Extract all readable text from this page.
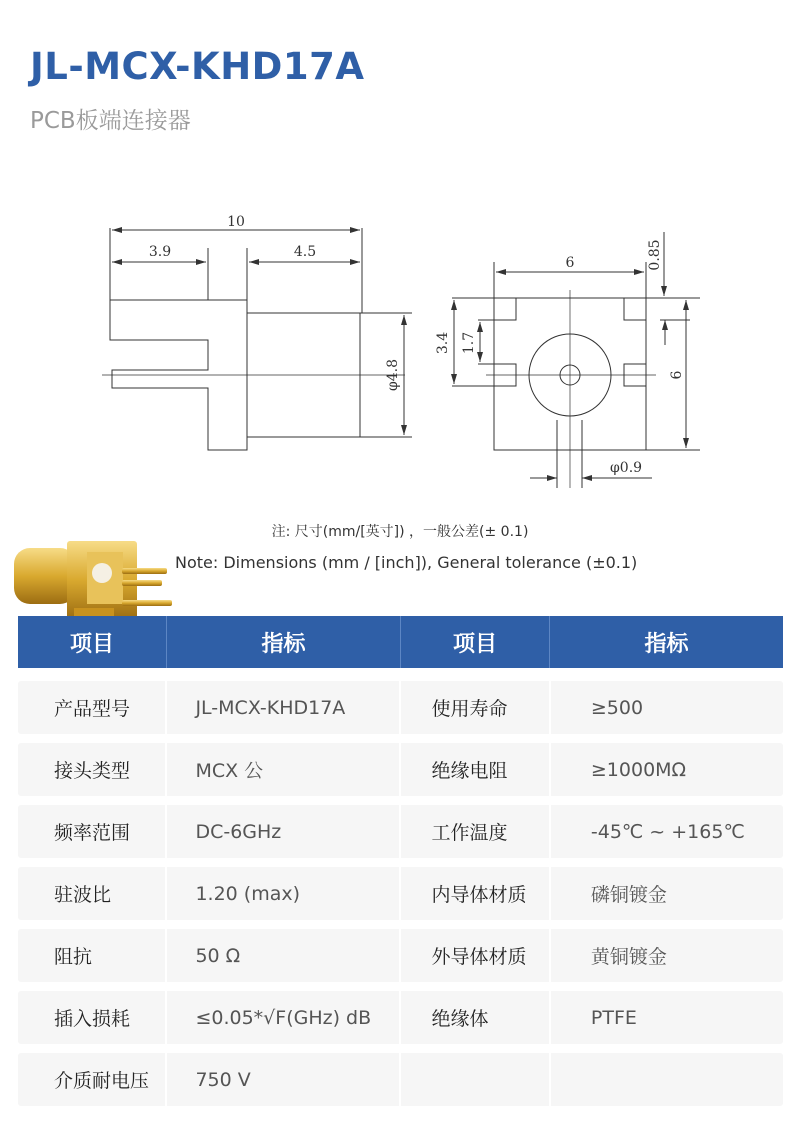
JL-MCX-KHD17A
PCB板端连接器
10
3.9	4.5
φ4.8
6	0.85
3.4 1.7
6
φ0.9
注: 尺寸(mm/[英寸]) ，一般公差(± 0.1)
Note: Dimensions (mm / [inch]), General tolerance (±0.1)
项目	指标	项目	指标
产品型号	JL-MCX-KHD17A	使用寿命	≥500
接头类型	MCX 公	绝缘电阻	≥1000MΩ
频率范围	DC-6GHz	工作温度	-45℃ ~ +165℃
驻波比	1.20 (max)	内导体材质	磷铜镀金
阻抗	50 Ω	外导体材质	黄铜镀金
插入损耗	≤0.05*√F(GHz) dB	绝缘体	PTFE
介质耐电压	750 V
